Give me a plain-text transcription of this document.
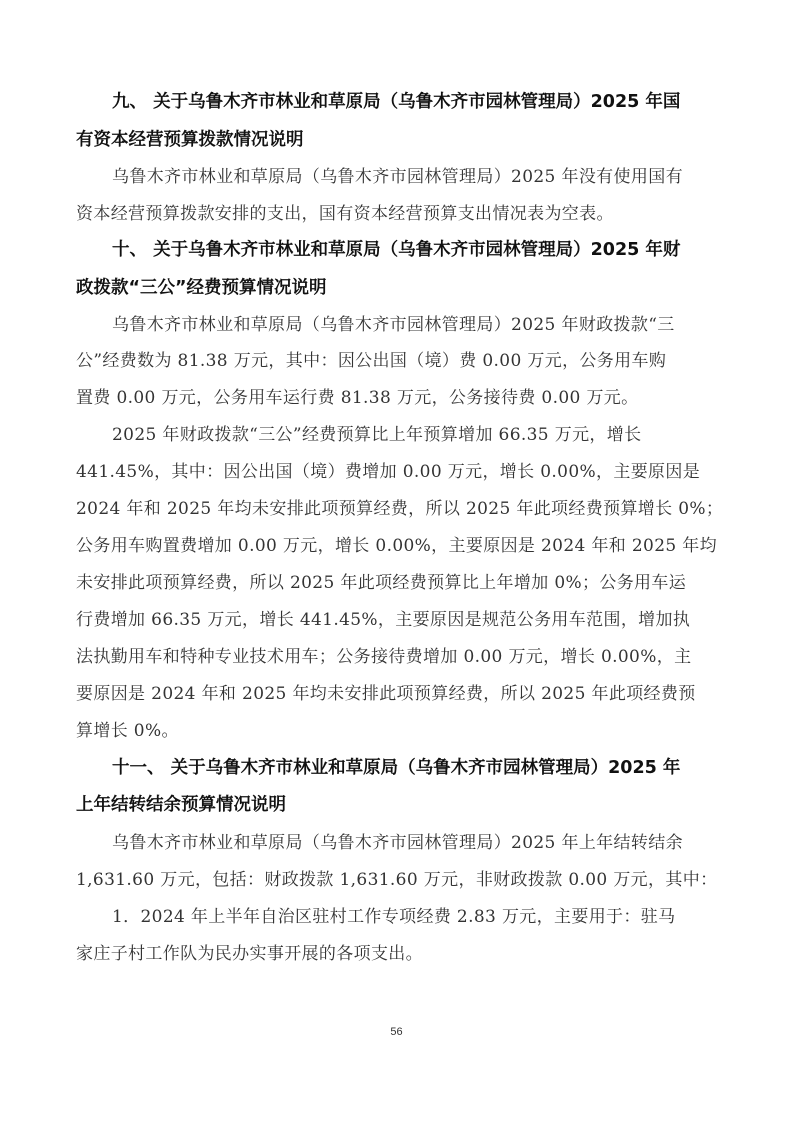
九、 关于乌鲁木齐市林业和草原局（乌鲁木齐市园林管理局）2025 年国
有资本经营预算拨款情况说明
乌鲁木齐市林业和草原局（乌鲁木齐市园林管理局）2025 年没有使用国有
资本经营预算拨款安排的支出，国有资本经营预算支出情况表为空表。
十、 关于乌鲁木齐市林业和草原局（乌鲁木齐市园林管理局）2025 年财
政拨款“三公”经费预算情况说明
乌鲁木齐市林业和草原局（乌鲁木齐市园林管理局）2025 年财政拨款“三
公”经费数为 81.38 万元，其中：因公出国（境）费 0.00 万元，公务用车购
置费 0.00 万元，公务用车运行费 81.38 万元，公务接待费 0.00 万元。
2025 年财政拨款“三公”经费预算比上年预算增加 66.35 万元，增长
441.45%，其中：因公出国（境）费增加 0.00 万元，增长 0.00%，主要原因是
2024 年和 2025 年均未安排此项预算经费，所以 2025 年此项经费预算增长 0%；
公务用车购置费增加 0.00 万元，增长 0.00%，主要原因是 2024 年和 2025 年均
未安排此项预算经费，所以 2025 年此项经费预算比上年增加 0%；公务用车运
行费增加 66.35 万元，增长 441.45%，主要原因是规范公务用车范围，增加执
法执勤用车和特种专业技术用车；公务接待费增加 0.00 万元，增长 0.00%，主
要原因是 2024 年和 2025 年均未安排此项预算经费，所以 2025 年此项经费预
算增长 0%。
十一、 关于乌鲁木齐市林业和草原局（乌鲁木齐市园林管理局）2025 年
上年结转结余预算情况说明
乌鲁木齐市林业和草原局（乌鲁木齐市园林管理局）2025 年上年结转结余
1,631.60 万元，包括：财政拨款 1,631.60 万元，非财政拨款 0.00 万元，其中：
1．2024 年上半年自治区驻村工作专项经费 2.83 万元，主要用于：驻马
家庄子村工作队为民办实事开展的各项支出。
56
